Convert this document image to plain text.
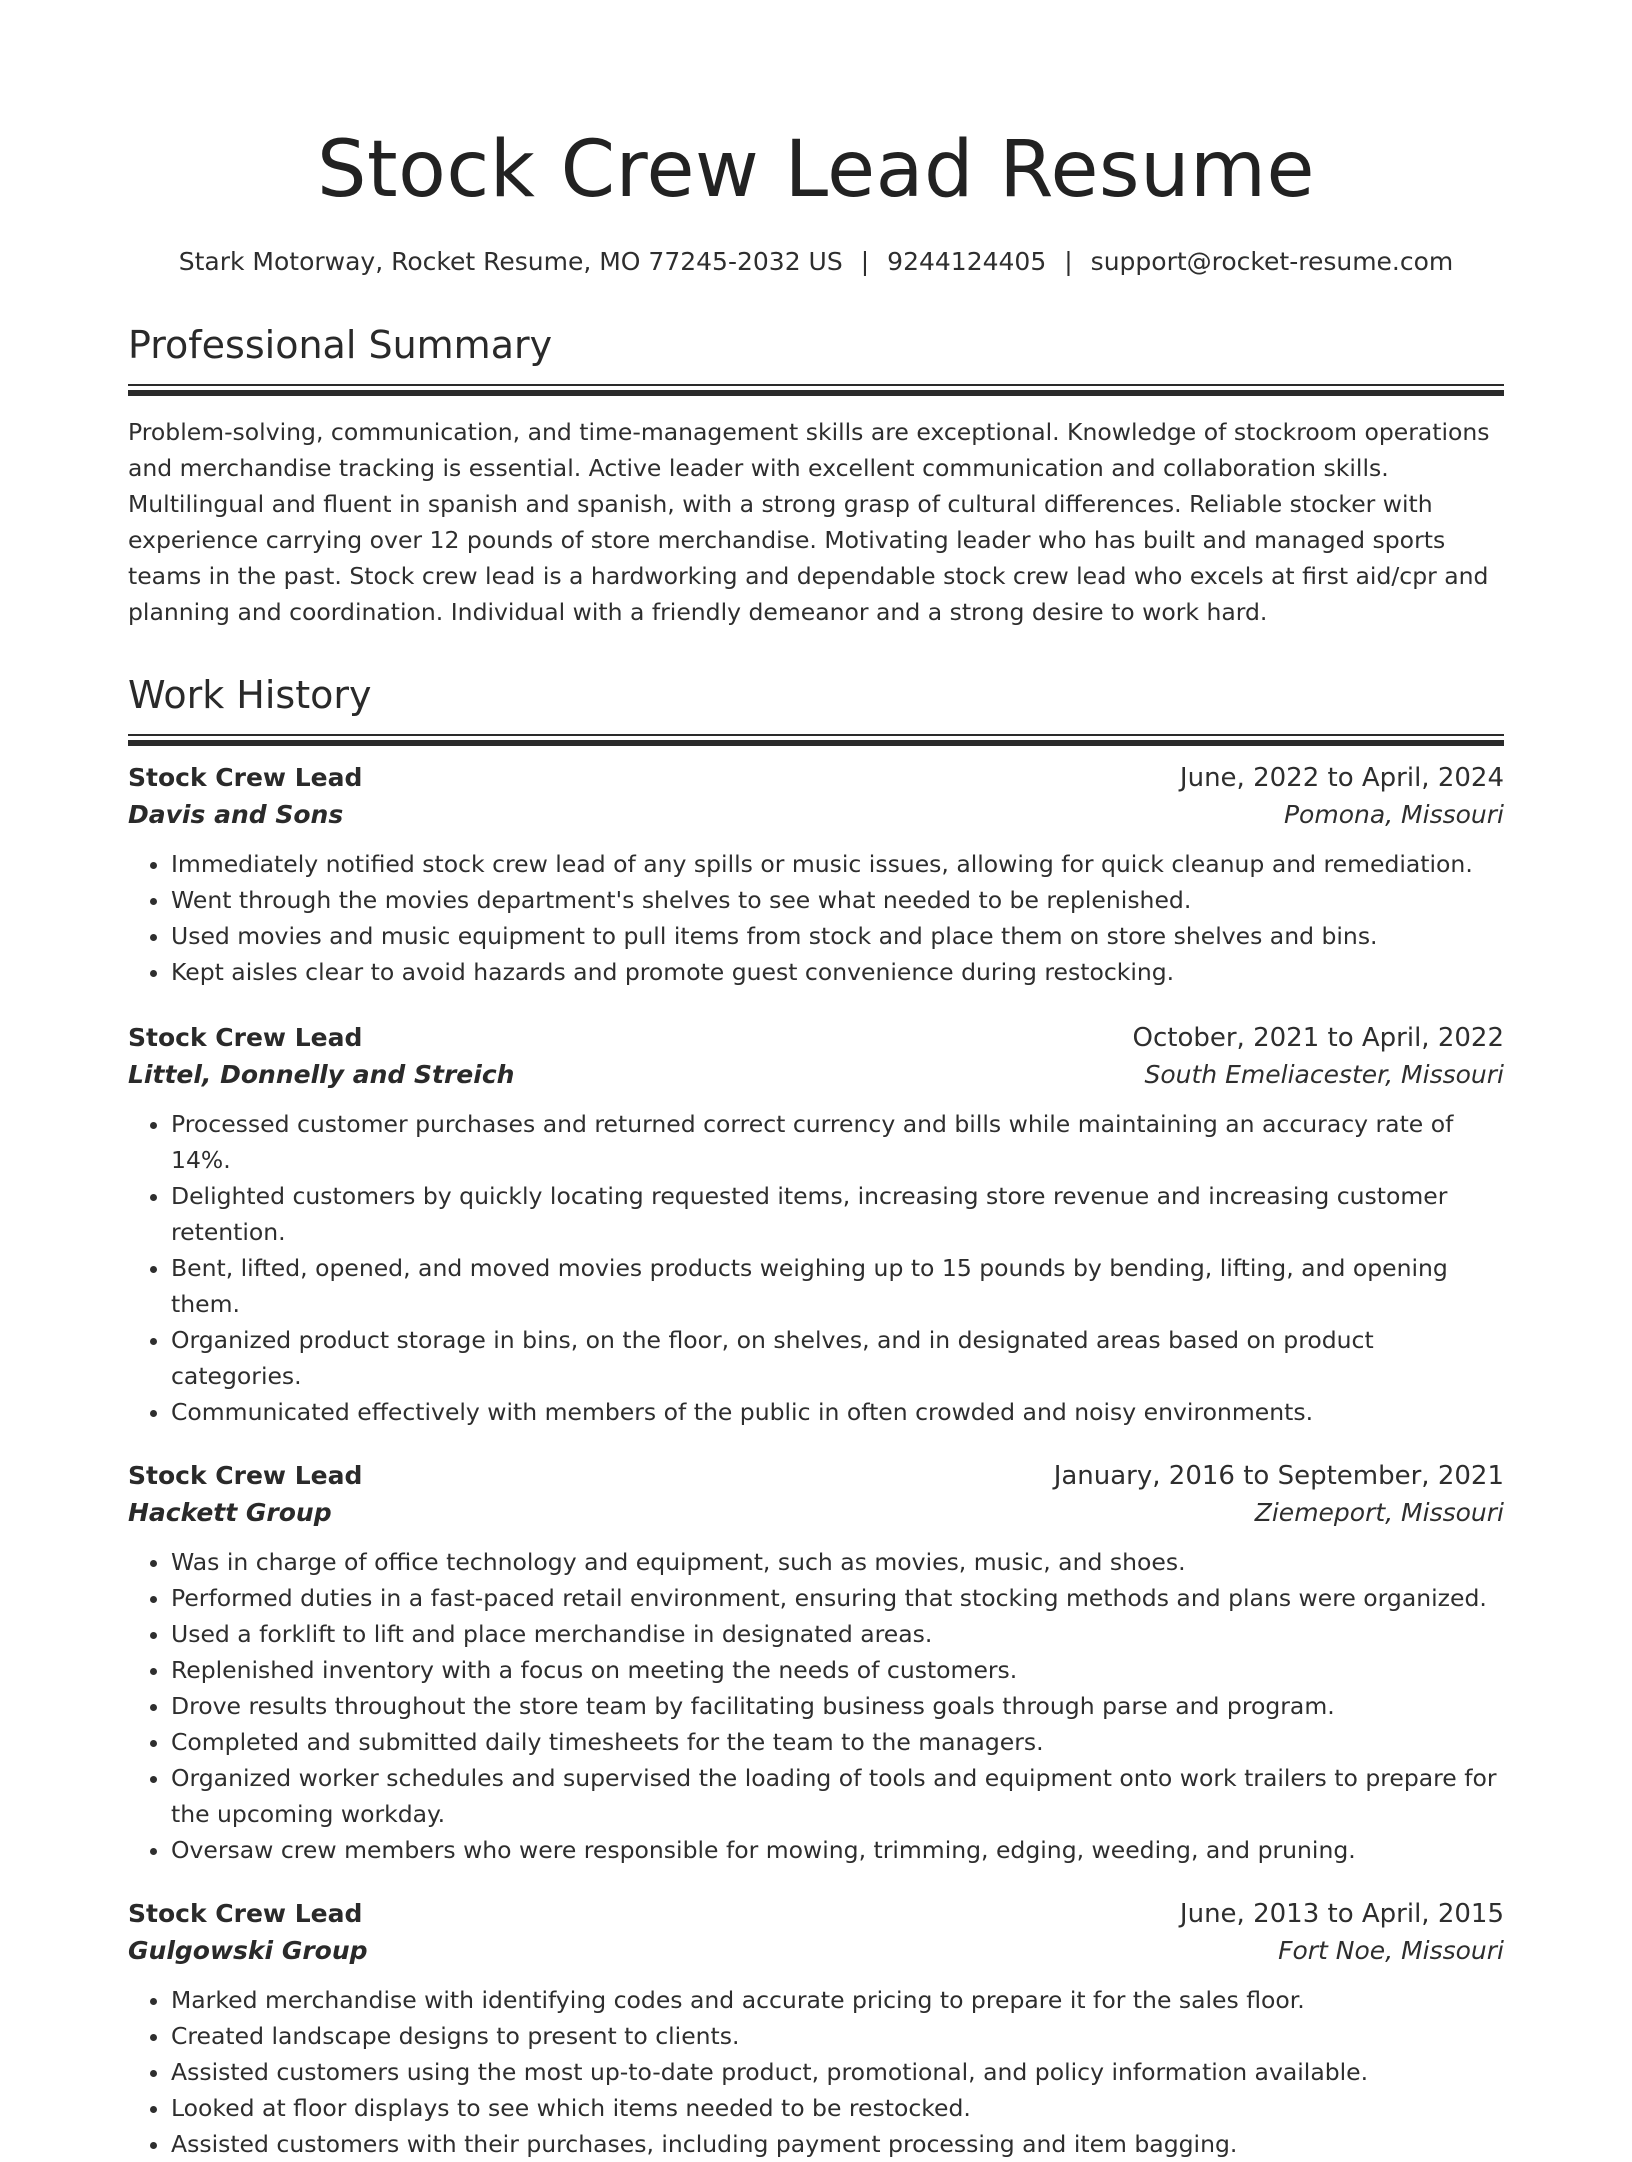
Stock Crew Lead Resume
Stark Motorway, Rocket Resume, MO 77245-2032 US | 9244124405 | support@rocket-resume.com
Professional Summary
Problem-solving, communication, and time-management skills are exceptional. Knowledge of stockroom operations and merchandise tracking is essential. Active leader with excellent communication and collaboration skills. Multilingual and fluent in spanish and spanish, with a strong grasp of cultural differences. Reliable stocker with experience carrying over 12 pounds of store merchandise. Motivating leader who has built and managed sports teams in the past. Stock crew lead is a hardworking and dependable stock crew lead who excels at first aid/cpr and planning and coordination. Individual with a friendly demeanor and a strong desire to work hard.
Work History
Stock Crew Lead	June, 2022 to April, 2024
Davis and Sons	Pomona, Missouri
• Immediately notified stock crew lead of any spills or music issues, allowing for quick cleanup and remediation.
• Went through the movies department's shelves to see what needed to be replenished.
• Used movies and music equipment to pull items from stock and place them on store shelves and bins.
• Kept aisles clear to avoid hazards and promote guest convenience during restocking.
Stock Crew Lead	October, 2021 to April, 2022
Littel, Donnelly and Streich	South Emeliacester, Missouri
• Processed customer purchases and returned correct currency and bills while maintaining an accuracy rate of 14%.
• Delighted customers by quickly locating requested items, increasing store revenue and increasing customer retention.
• Bent, lifted, opened, and moved movies products weighing up to 15 pounds by bending, lifting, and opening them.
• Organized product storage in bins, on the floor, on shelves, and in designated areas based on product categories.
• Communicated effectively with members of the public in often crowded and noisy environments.
Stock Crew Lead	January, 2016 to September, 2021
Hackett Group	Ziemeport, Missouri
• Was in charge of office technology and equipment, such as movies, music, and shoes.
• Performed duties in a fast-paced retail environment, ensuring that stocking methods and plans were organized.
• Used a forklift to lift and place merchandise in designated areas.
• Replenished inventory with a focus on meeting the needs of customers.
• Drove results throughout the store team by facilitating business goals through parse and program.
• Completed and submitted daily timesheets for the team to the managers.
• Organized worker schedules and supervised the loading of tools and equipment onto work trailers to prepare for the upcoming workday.
• Oversaw crew members who were responsible for mowing, trimming, edging, weeding, and pruning.
Stock Crew Lead	June, 2013 to April, 2015
Gulgowski Group	Fort Noe, Missouri
• Marked merchandise with identifying codes and accurate pricing to prepare it for the sales floor.
• Created landscape designs to present to clients.
• Assisted customers using the most up-to-date product, promotional, and policy information available.
• Looked at floor displays to see which items needed to be restocked.
• Assisted customers with their purchases, including payment processing and item bagging.
